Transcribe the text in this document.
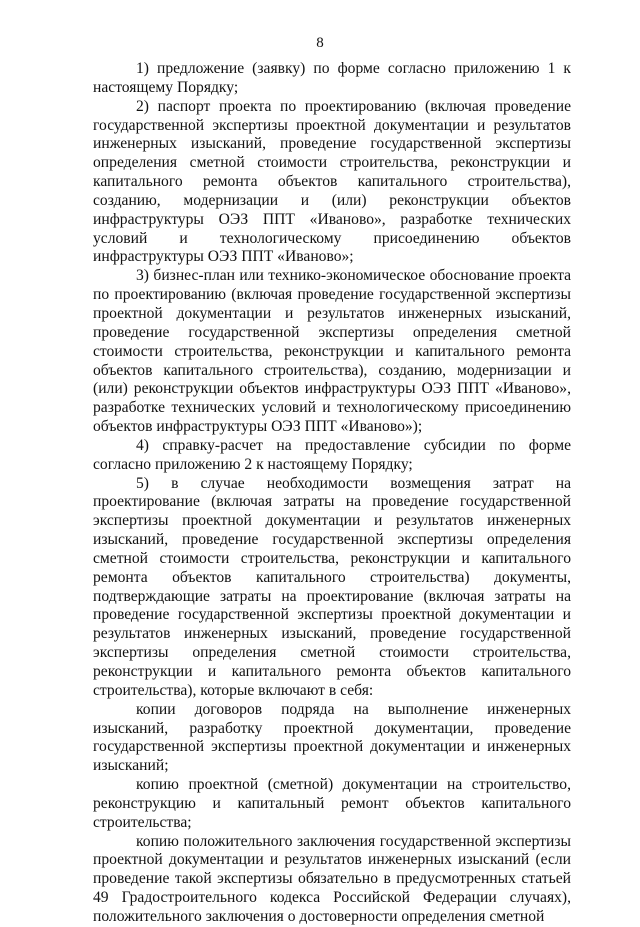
8

1) предложение (заявку) по форме согласно приложению 1 к настоящему Порядку;

2) паспорт проекта по проектированию (включая проведение государственной экспертизы проектной документации и результатов инженерных изысканий, проведение государственной экспертизы определения сметной стоимости строительства, реконструкции и капитального ремонта объектов капитального строительства), созданию, модернизации и (или) реконструкции объектов инфраструктуры ОЭЗ ППТ «Иваново», разработке технических условий и технологическому присоединению объектов инфраструктуры ОЭЗ ППТ «Иваново»;

3) бизнес-план или технико-экономическое обоснование проекта по проектированию (включая проведение государственной экспертизы проектной документации и результатов инженерных изысканий, проведение государственной экспертизы определения сметной стоимости строительства, реконструкции и капитального ремонта объектов капитального строительства), созданию, модернизации и (или) реконструкции объектов инфраструктуры ОЭЗ ППТ «Иваново», разработке технических условий и технологическому присоединению объектов инфраструктуры ОЭЗ ППТ «Иваново»);

4) справку-расчет на предоставление субсидии по форме согласно приложению 2 к настоящему Порядку;

5) в случае необходимости возмещения затрат на проектирование (включая затраты на проведение государственной экспертизы проектной документации и результатов инженерных изысканий, проведение государственной экспертизы определения сметной стоимости строительства, реконструкции и капитального ремонта объектов капитального строительства) документы, подтверждающие затраты на проектирование (включая затраты на проведение государственной экспертизы проектной документации и результатов инженерных изысканий, проведение государственной экспертизы определения сметной стоимости строительства, реконструкции и капитального ремонта объектов капитального строительства), которые включают в себя:

копии договоров подряда на выполнение инженерных изысканий, разработку проектной документации, проведение государственной экспертизы проектной документации и инженерных изысканий;

копию проектной (сметной) документации на строительство, реконструкцию и капитальный ремонт объектов капитального строительства;

копию положительного заключения государственной экспертизы проектной документации и результатов инженерных изысканий (если проведение такой экспертизы обязательно в предусмотренных статьей 49 Градостроительного кодекса Российской Федерации случаях), положительного заключения о достоверности определения сметной
